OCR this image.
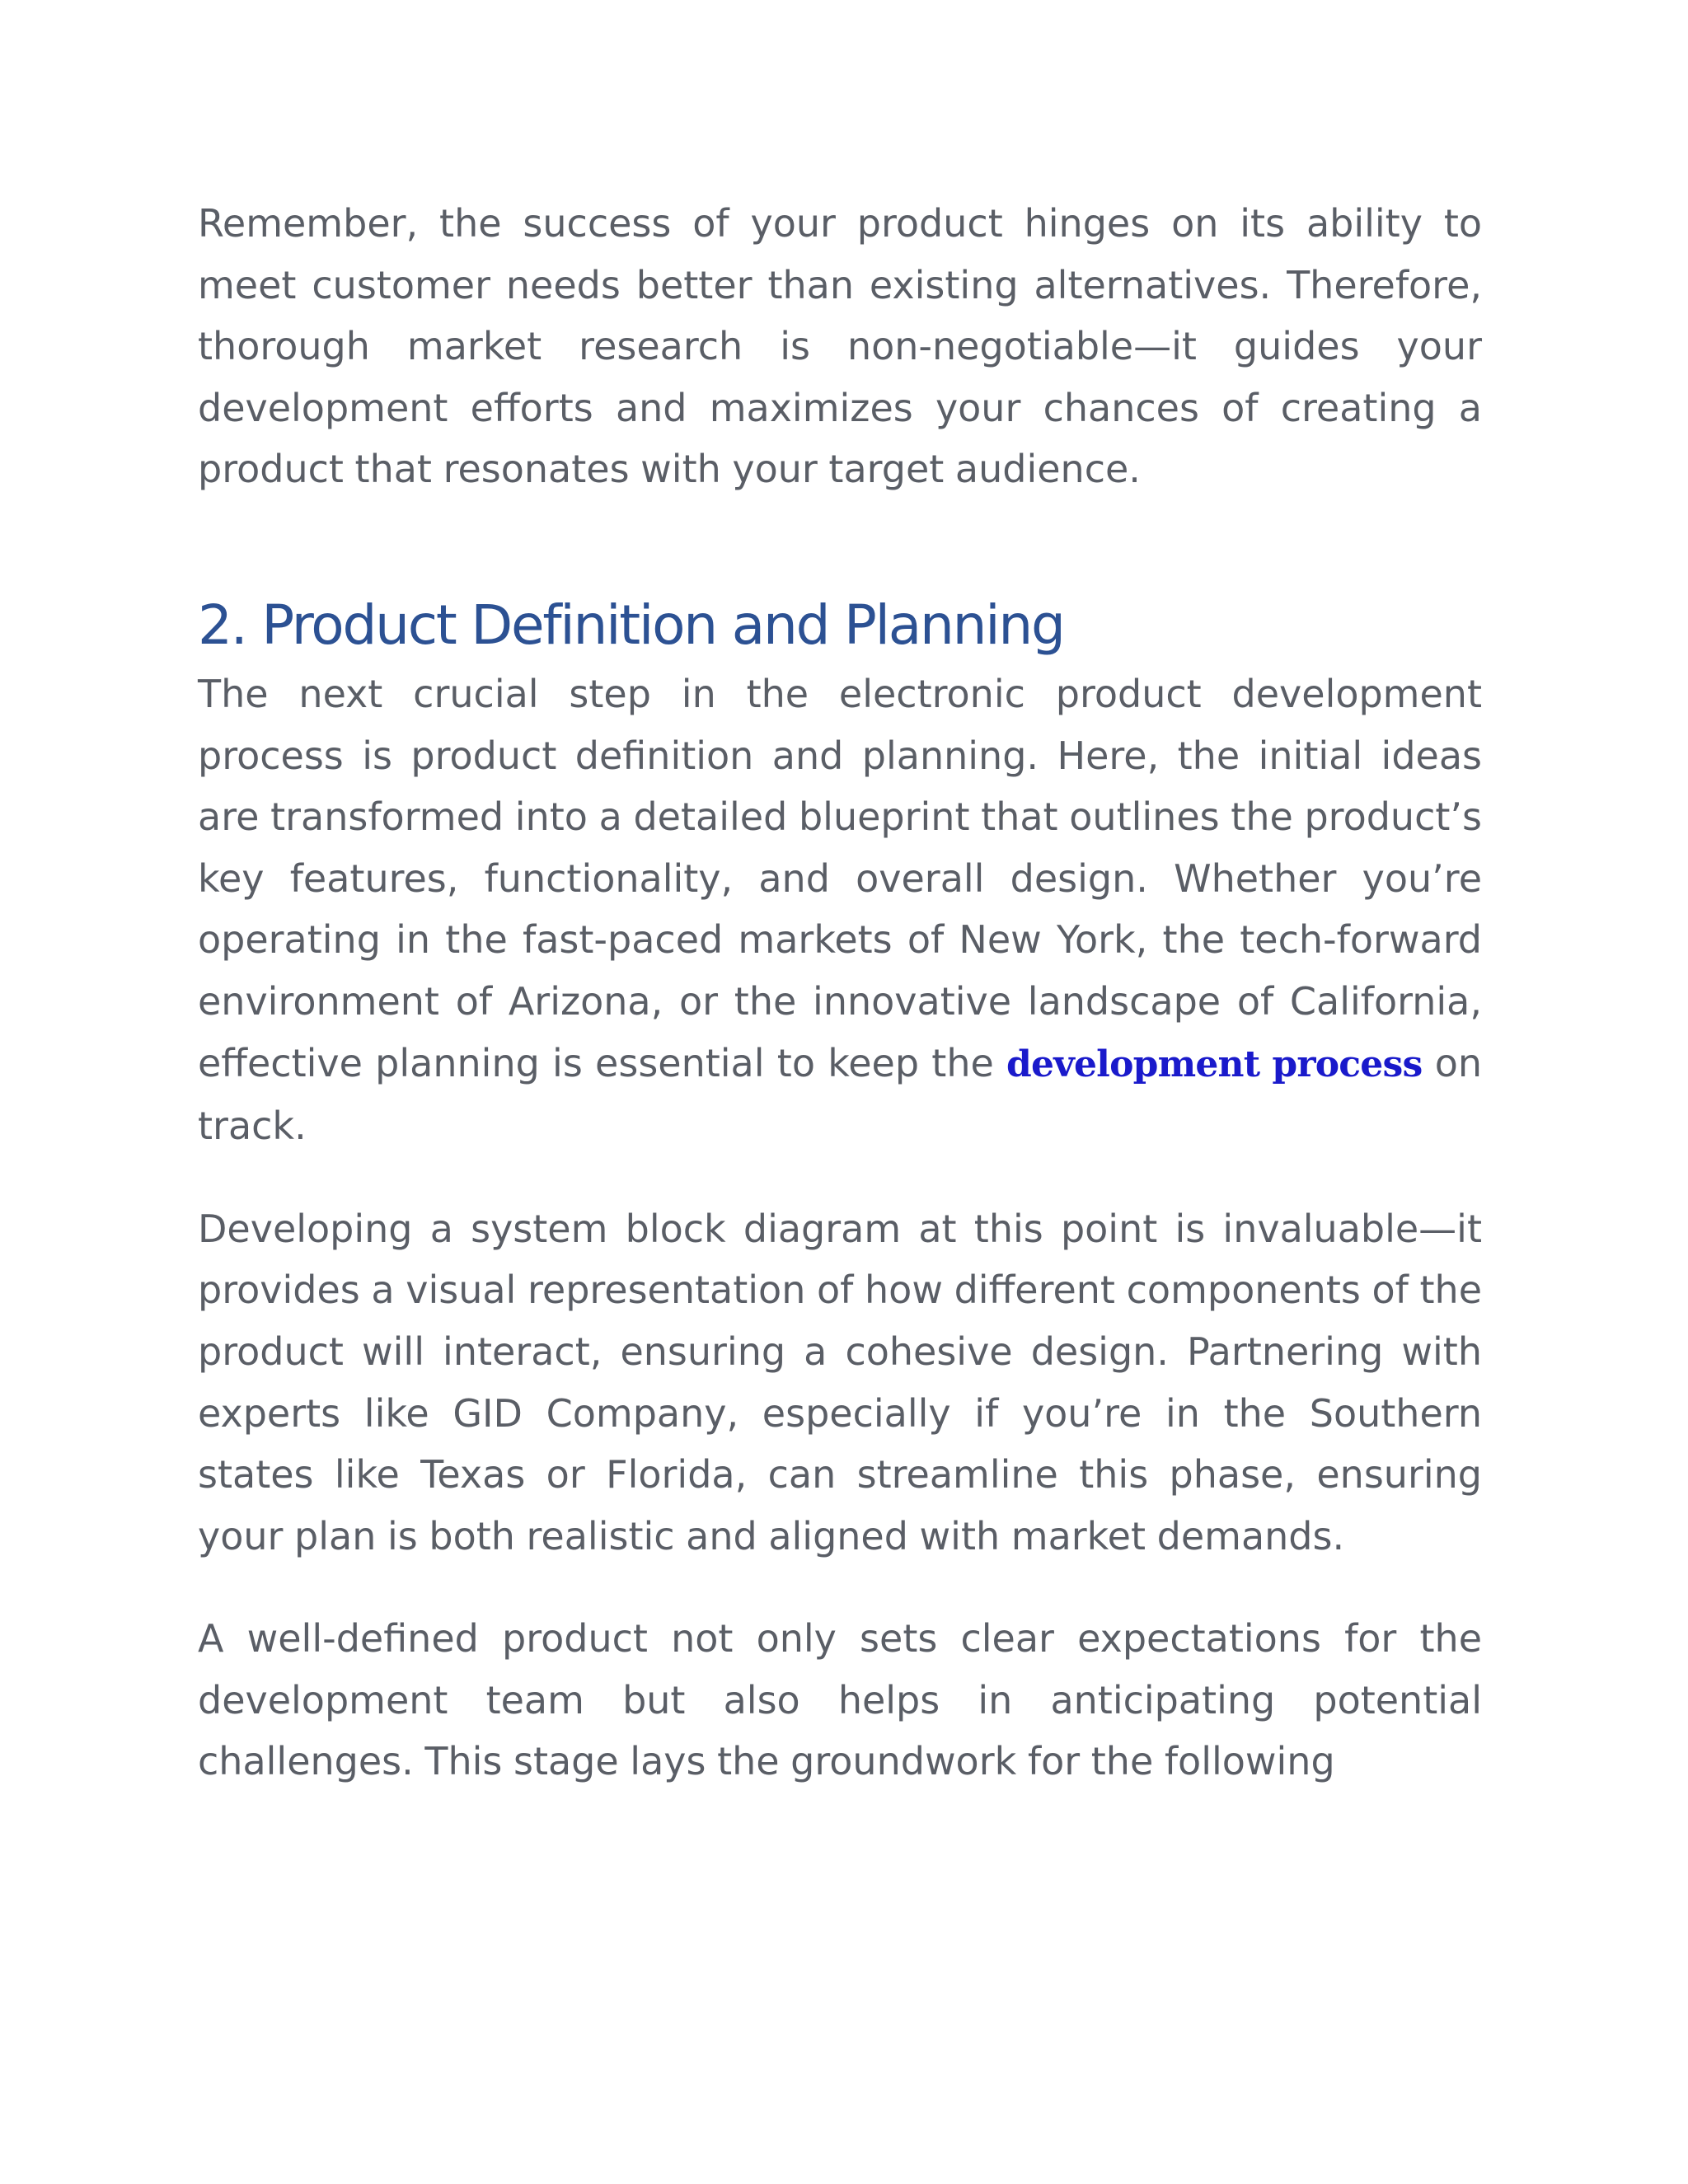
Remember, the success of your product hinges on its ability to meet customer needs better than existing alternatives. Therefore, thorough market research is non-negotiable—it guides your development efforts and maximizes your chances of creating a product that resonates with your target audience.

2. Product Definition and Planning

The next crucial step in the electronic product development process is product definition and planning. Here, the initial ideas are transformed into a detailed blueprint that outlines the product’s key features, functionality, and overall design. Whether you’re operating in the fast-paced markets of New York, the tech-forward environment of Arizona, or the innovative landscape of California, effective planning is essential to keep the development process on track.

Developing a system block diagram at this point is invaluable—it provides a visual representation of how different components of the product will interact, ensuring a cohesive design. Partnering with experts like GID Company, especially if you’re in the Southern states like Texas or Florida, can streamline this phase, ensuring your plan is both realistic and aligned with market demands.

A well-defined product not only sets clear expectations for the development team but also helps in anticipating potential challenges. This stage lays the groundwork for the following
